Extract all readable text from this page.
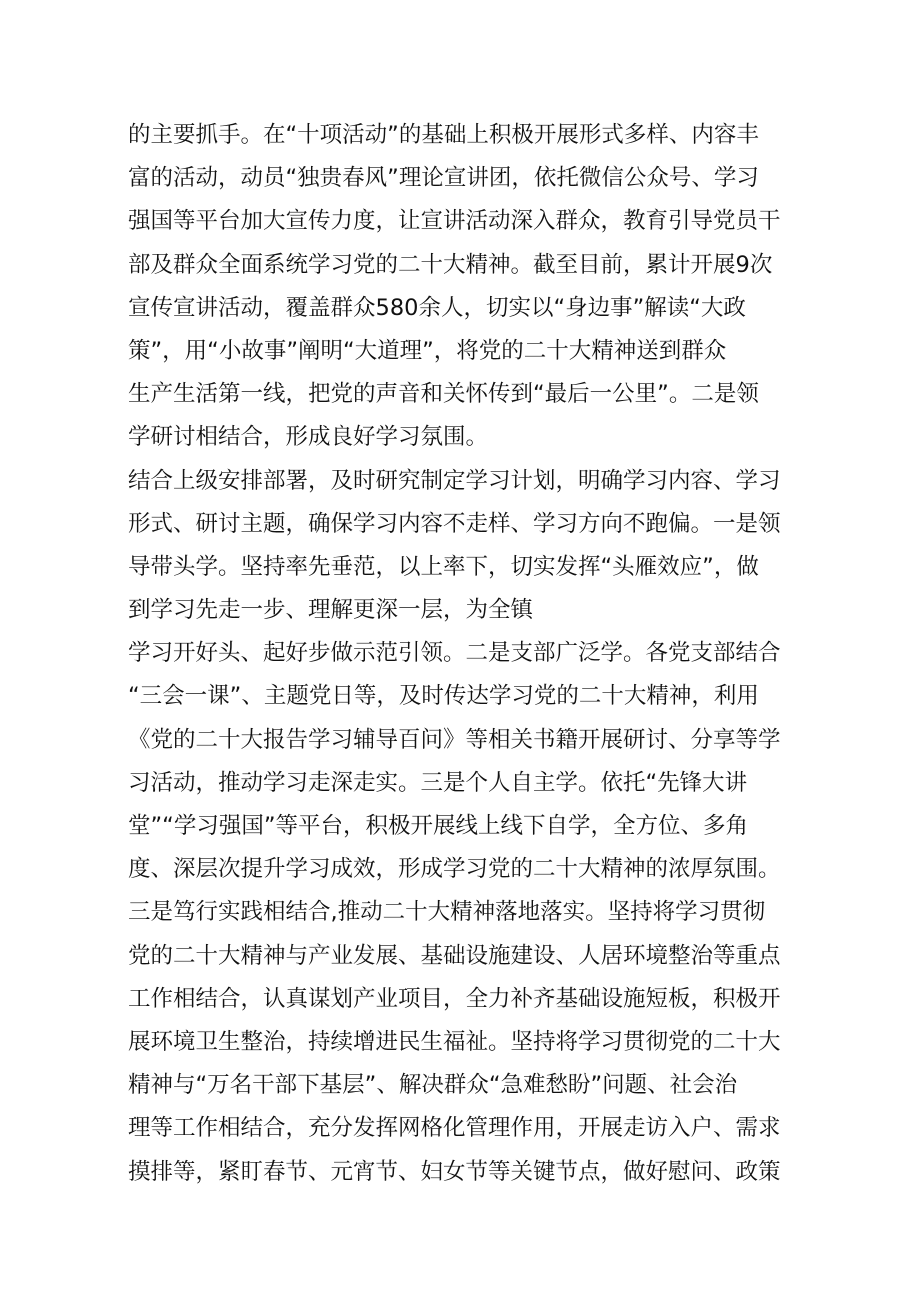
的主要抓手。在“十项活动”的基础上积极开展形式多样、内容丰
富的活动，动员“独贵春风”理论宣讲团，依托微信公众号、学习
强国等平台加大宣传力度，让宣讲活动深入群众，教育引导党员干
部及群众全面系统学习党的二十大精神。截至目前，累计开展9次
宣传宣讲活动，覆盖群众580余人，切实以“身边事”解读“大政
策”，用“小故事”阐明“大道理”，将党的二十大精神送到群众
生产生活第一线，把党的声音和关怀传到“最后一公里”。二是领
学研讨相结合，形成良好学习氛围。
结合上级安排部署，及时研究制定学习计划，明确学习内容、学习
形式、研讨主题，确保学习内容不走样、学习方向不跑偏。一是领
导带头学。坚持率先垂范，以上率下，切实发挥“头雁效应”，做
到学习先走一步、理解更深一层，为全镇
学习开好头、起好步做示范引领。二是支部广泛学。各党支部结合
“三会一课”、主题党日等，及时传达学习党的二十大精神，利用
《党的二十大报告学习辅导百问》等相关书籍开展研讨、分享等学
习活动，推动学习走深走实。三是个人自主学。依托“先锋大讲
堂”“学习强国”等平台，积极开展线上线下自学，全方位、多角
度、深层次提升学习成效，形成学习党的二十大精神的浓厚氛围。
三是笃行实践相结合,推动二十大精神落地落实。坚持将学习贯彻
党的二十大精神与产业发展、基础设施建设、人居环境整治等重点
工作相结合，认真谋划产业项目，全力补齐基础设施短板，积极开
展环境卫生整治，持续增进民生福祉。坚持将学习贯彻党的二十大
精神与“万名干部下基层”、解决群众“急难愁盼”问题、社会治
理等工作相结合，充分发挥网格化管理作用，开展走访入户、需求
摸排等，紧盯春节、元宵节、妇女节等关键节点，做好慰问、政策
